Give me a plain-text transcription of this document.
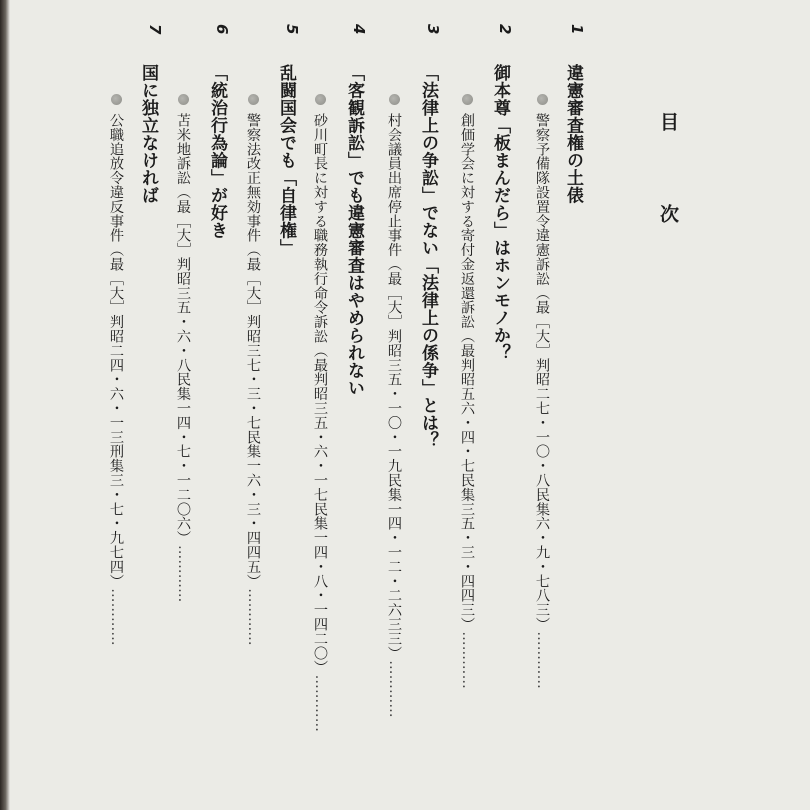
目　次
1
違憲審査権の土俵
警察予備隊設置令違憲訴訟（最［大］判昭二七・一〇・八民集六・九・七八三）…………
2
御本尊「板まんだら」はホンモノか？
創価学会に対する寄付金返還訴訟（最判昭五六・四・七民集三五・三・四四三）…………
3
「法律上の争訟」でない「法律上の係争」とは？
村会議員出席停止事件（最［大］判昭三五・一〇・一九民集一四・一二・二六三三）…………
4
「客観訴訟」でも違憲審査はやめられない
砂川町長に対する職務執行命令訴訟（最判昭三五・六・一七民集一四・八・一四二〇）…………
5
乱闘国会でも「自律権」
警察法改正無効事件（最［大］判昭三七・三・七民集一六・三・四四五）…………
6
「統治行為論」が好き
苫米地訴訟（最［大］判昭三五・六・八民集一四・七・一二〇六）…………
7
国に独立なければ
公職追放令違反事件（最［大］判昭二四・六・一三刑集三・七・九七四）…………
